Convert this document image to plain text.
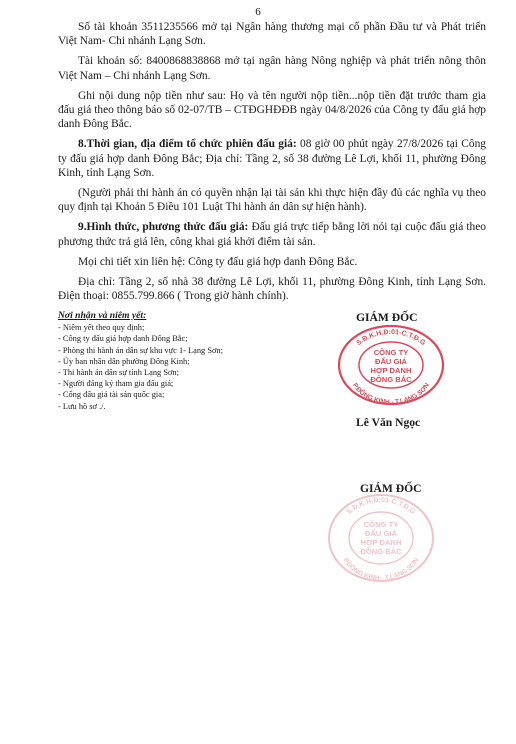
6

Số tài khoản 3511235566 mở tại Ngân hàng thương mại cổ phần Đầu tư và Phát triển Việt Nam- Chi nhánh Lạng Sơn.

Tài khoản số: 8400868838868 mở tại ngân hàng Nông nghiệp và phát triển nông thôn Việt Nam – Chi nhánh Lạng Sơn.

Ghi nội dung nộp tiền như sau: Họ và tên người nộp tiền...nộp tiền đặt trước tham gia đấu giá theo thông báo số 02-07/TB – CTĐGHĐĐB ngày 04/8/2026 của Công ty đấu giá hợp danh Đông Bắc.

8.Thời gian, địa điểm tổ chức phiên đấu giá: 08 giờ 00 phút ngày 27/8/2026 tại Công ty đấu giá hợp danh Đông Bắc; Địa chỉ: Tầng 2, số 38 đường Lê Lợi, khối 11, phường Đông Kinh, tỉnh Lạng Sơn.

(Người phải thi hành án có quyền nhận lại tài sản khi thực hiện đầy đủ các nghĩa vụ theo quy định tại Khoản 5 Điều 101 Luật Thi hành án dân sự hiện hành).

9.Hình thức, phương thức đấu giá: Đấu giá trực tiếp bằng lời nói tại cuộc đấu giá theo phương thức trả giá lên, công khai giá khởi điểm tài sản.

Mọi chi tiết xin liên hệ: Công ty đấu giá hợp danh Đông Bắc.

Địa chỉ: Tầng 2, số nhà 38 đường Lê Lợi, khối 11, phường Đông Kinh, tỉnh Lạng Sơn. Điện thoại: 0855.799.866 ( Trong giờ hành chính).

Nơi nhận và niêm yết:
- Niêm yết theo quy định;
- Công ty đấu giá hợp danh Đông Bắc;
- Phòng thi hành án dân sự khu vực 1- Lạng Sơn;
- Ủy ban nhân dân phường Đông Kinh;
- Thi hành án dân sự tỉnh Lạng Sơn;
- Người đăng ký tham gia đấu giá;
- Cổng đấu giá tài sản quốc gia;
- Lưu hồ sơ ./.
GIÁM ĐỐC
S.Đ.K.H.Đ:01-C.T.Đ.G
P.ĐÔNG KINH - T.LẠNG SƠN
CÔNG TY
ĐẤU GIÁ
HỢP DANH
ĐÔNG BẮC
Lê Văn Ngọc
GIÁM ĐỐC
S.Đ.K.H.Đ:01-C.T.Đ.G
P.ĐÔNG KINH - T.LẠNG SƠN
CÔNG TY
ĐẤU GIÁ
HỢP DANH
ĐÔNG BẮC
